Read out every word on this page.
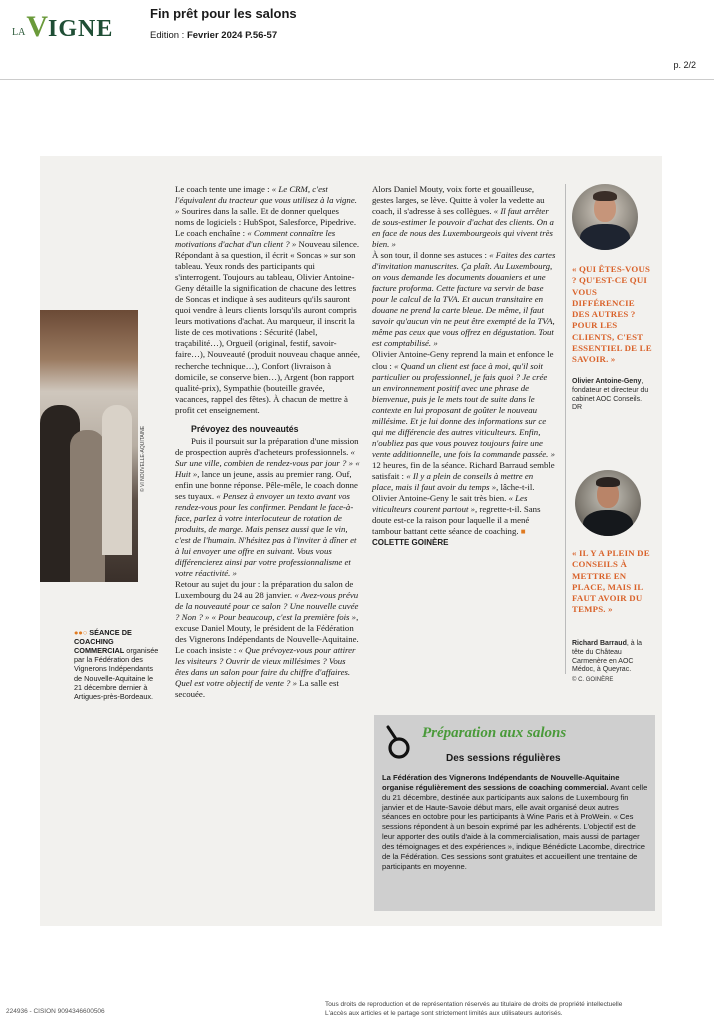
LA V IGNE
Fin prêt pour les salons
Edition : Fevrier 2024 P.56-57
p. 2/2
© VI NOUVELLE-AQUITAINE
●●○ SÉANCE DE COACHING COMMERCIAL organisée par la Fédération des Vignerons Indépendants de Nouvelle-Aquitaine le 21 décembre dernier à Artigues-près-Bordeaux.

Le coach tente une image : « Le CRM, c'est l'équivalent du tracteur que vous utilisez à la vigne. » Sourires dans la salle. Et de donner quelques noms de logiciels : HubSpot, Salesforce, Pipedrive.

Le coach enchaîne : « Comment connaître les motivations d'achat d'un client ? » Nouveau silence. Répondant à sa question, il écrit « Soncas » sur son tableau. Yeux ronds des participants qui s'interrogent. Toujours au tableau, Olivier Antoine-Geny détaille la signification de chacune des lettres de Soncas et indique à ses auditeurs qu'ils sauront quoi vendre à leurs clients lorsqu'ils auront compris leurs motivations d'achat. Au marqueur, il inscrit la liste de ces motivations : Sécurité (label, traçabilité…), Orgueil (original, festif, savoir-faire…), Nouveauté (produit nouveau chaque année, recherche technique…), Confort (livraison à domicile, se conserve bien…), Argent (bon rapport qualité-prix), Sympathie (bouteille gravée, vacances, rappel des fêtes). À chacun de mettre à profit cet enseignement.

Prévoyez des nouveautés

Puis il poursuit sur la préparation d'une mission de prospection auprès d'acheteurs professionnels. « Sur une ville, combien de rendez-vous par jour ? » « Huit », lance un jeune, assis au premier rang. Ouf, enfin une bonne réponse. Pêle-mêle, le coach donne ses tuyaux. « Pensez à envoyer un texto avant vos rendez-vous pour les confirmer. Pendant le face-à-face, parlez à votre interlocuteur de rotation de produits, de marge. Mais pensez aussi que le vin, c'est de l'humain. N'hésitez pas à l'inviter à dîner et à lui envoyer une offre en suivant. Vous vous différencierez ainsi par votre professionnalisme et votre réactivité. »

Retour au sujet du jour : la préparation du salon de Luxembourg du 24 au 28 janvier. « Avez-vous prévu de la nouveauté pour ce salon ? Une nouvelle cuvée ? Non ? » « Pour beaucoup, c'est la première fois », excuse Daniel Mouty, le président de la Fédération des Vignerons Indépendants de Nouvelle-Aquitaine.

Le coach insiste : « Que prévoyez-vous pour attirer les visiteurs ? Ouvrir de vieux millésimes ? Vous êtes dans un salon pour faire du chiffre d'affaires. Quel est votre objectif de vente ? » La salle est secouée.

Alors Daniel Mouty, voix forte et gouailleuse, gestes larges, se lève. Quitte à voler la vedette au coach, il s'adresse à ses collègues. « Il faut arrêter de sous-estimer le pouvoir d'achat des clients. On a en face de nous des Luxembourgeois qui vivent très bien. »

À son tour, il donne ses astuces : « Faites des cartes d'invitation manuscrites. Ça plaît. Au Luxembourg, on vous demande les documents douaniers et une facture proforma. Cette facture va servir de base pour le calcul de la TVA. Et aucun transitaire en douane ne prend la carte bleue. De même, il faut savoir qu'aucun vin ne peut être exempté de la TVA, même pas ceux que vous offrez en dégustation. Tout est comptabilisé. »

Olivier Antoine-Geny reprend la main et enfonce le clou : « Quand un client est face à moi, qu'il soit particulier ou professionnel, je fais quoi ? Je crée un environnement positif avec une phrase de bienvenue, puis je le mets tout de suite dans le contexte en lui proposant de goûter le nouveau millésime. Et je lui donne des informations sur ce qui me différencie des autres viticulteurs. Enfin, n'oubliez pas que vous pouvez toujours faire une vente additionnelle, une fois la commande passée. »

12 heures, fin de la séance. Richard Barraud semble satisfait : « Il y a plein de conseils à mettre en place, mais il faut avoir du temps », lâche-t-il. Olivier Antoine-Geny le sait très bien. « Les viticulteurs courent partout », regrette-t-il. Sans doute est-ce la raison pour laquelle il a mené tambour battant cette séance de coaching. ■ COLETTE GOINÈRE

« QUI ÊTES-VOUS ? QU'EST-CE QUI VOUS DIFFÉRENCIE DES AUTRES ? POUR LES CLIENTS, C'EST ESSENTIEL DE LE SAVOIR. »
Olivier Antoine-Geny, fondateur et directeur du cabinet AOC Conseils. DR
« IL Y A PLEIN DE CONSEILS À METTRE EN PLACE, MAIS IL FAUT AVOIR DU TEMPS. »
Richard Barraud, à la tête du Château Carmenère en AOC Médoc, à Queyrac.
© C. GOINÈRE
Préparation aux salons
Des sessions régulières
La Fédération des Vignerons Indépendants de Nouvelle-Aquitaine organise régulièrement des sessions de coaching commercial. Avant celle du 21 décembre, destinée aux participants aux salons de Luxembourg fin janvier et de Haute-Savoie début mars, elle avait organisé deux autres séances en octobre pour les participants à Wine Paris et à ProWein. « Ces sessions répondent à un besoin exprimé par les adhérents. L'objectif est de leur apporter des outils d'aide à la commercialisation, mais aussi de partager des témoignages et des expériences », indique Bénédicte Lacombe, directrice de la Fédération. Ces sessions sont gratuites et accueillent une trentaine de participants en moyenne.
224936 - CISION 9094346600506
Tous droits de reproduction et de représentation réservés au titulaire de droits de propriété intellectuelle
L'accès aux articles et le partage sont strictement limités aux utilisateurs autorisés.
